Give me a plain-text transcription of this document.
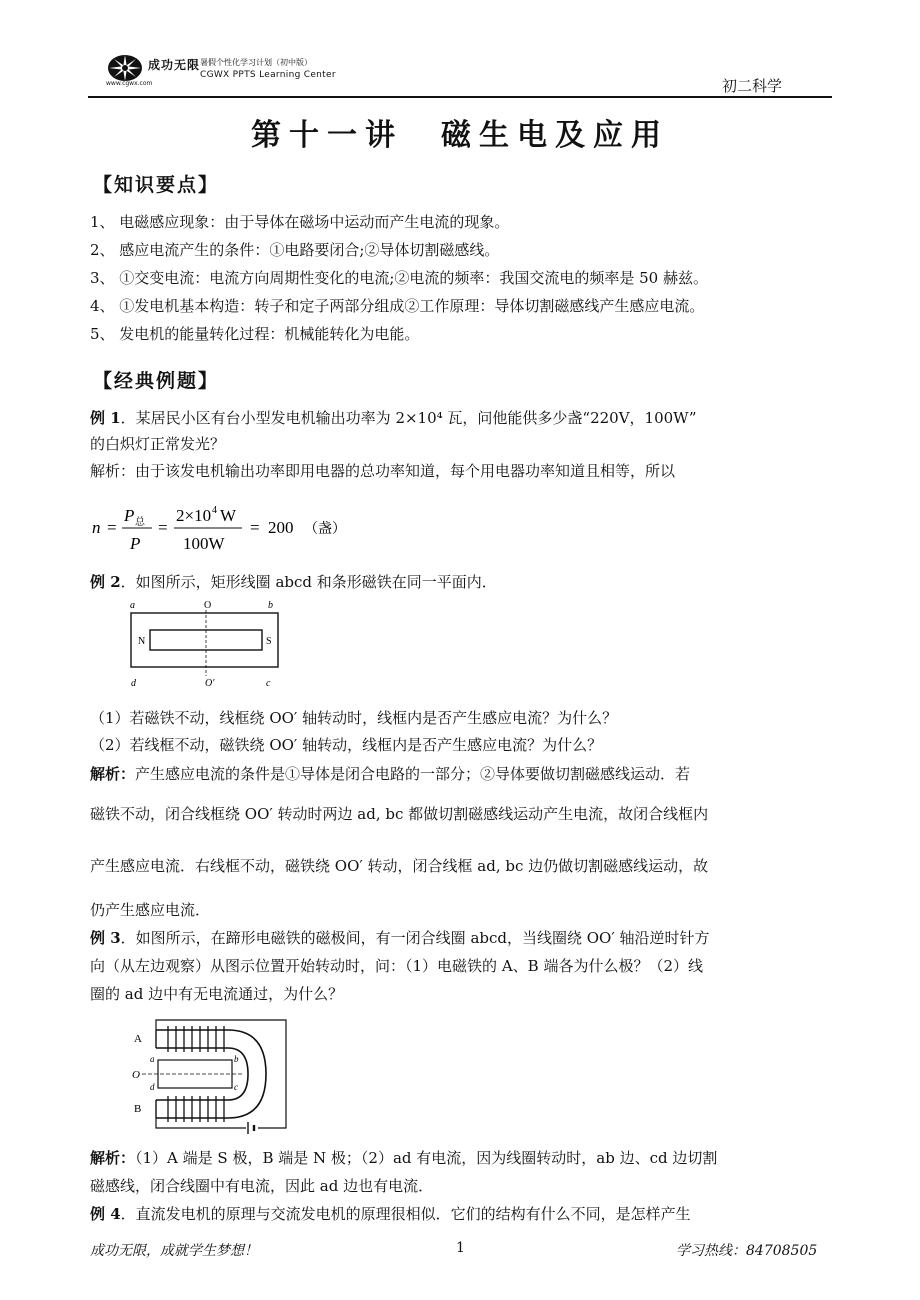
成功无限
www.cgwx.com
暑假个性化学习计划（初中版）
CGWX PPTS Learning Center
初二科学
第十一讲　磁生电及应用
【知识要点】
1、 电磁感应现象：由于导体在磁场中运动而产生电流的现象。
2、 感应电流产生的条件：①电路要闭合;②导体切割磁感线。
3、 ①交变电流：电流方向周期性变化的电流;②电流的频率：我国交流电的频率是 50 赫兹。
4、 ①发电机基本构造：转子和定子两部分组成②工作原理：导体切割磁感线产生感应电流。
5、 发电机的能量转化过程：机械能转化为电能。
【经典例题】
例 1．某居民小区有台小型发电机输出功率为 2×10⁴ 瓦，问他能供多少盏“220V，100W”
的白炽灯正常发光？
解析：由于该发电机输出功率即用电器的总功率知道，每个用电器功率知道且相等，所以
n =
P 总
P
=
2×10 4 W
100W
= 200 （盏）
例 2．如图所示，矩形线圈 abcd 和条形磁铁在同一平面内．
a	O	b
N	S
d	O′	c
（1）若磁铁不动，线框绕 OO′ 轴转动时，线框内是否产生感应电流？为什么？
（2）若线框不动，磁铁绕 OO′ 轴转动，线框内是否产生感应电流？为什么？
解析：产生感应电流的条件是①导体是闭合电路的一部分；②导体要做切割磁感线运动．若
磁铁不动，闭合线框绕 OO′ 转动时两边 ad, bc 都做切割磁感线运动产生电流，故闭合线框内
产生感应电流．右线框不动，磁铁绕 OO′ 转动，闭合线框 ad, bc 边仍做切割磁感线运动，故
仍产生感应电流．
例 3．如图所示，在蹄形电磁铁的磁极间，有一闭合线圈 abcd，当线圈绕 OO′ 轴沿逆时针方
向（从左边观察）从图示位置开始转动时，问：（1）电磁铁的 A、B 端各为什么极？（2）线
圈的 ad 边中有无电流通过，为什么？
A
B
O
a	b
c
d
解析：（1）A 端是 S 极，B 端是 N 极；（2）ad 有电流，因为线圈转动时，ab 边、cd 边切割
磁感线，闭合线圈中有电流，因此 ad 边也有电流．
例 4．直流发电机的原理与交流发电机的原理很相似．它们的结构有什么不同，是怎样产生
成功无限，成就学生梦想！	1	学习热线：84708505
